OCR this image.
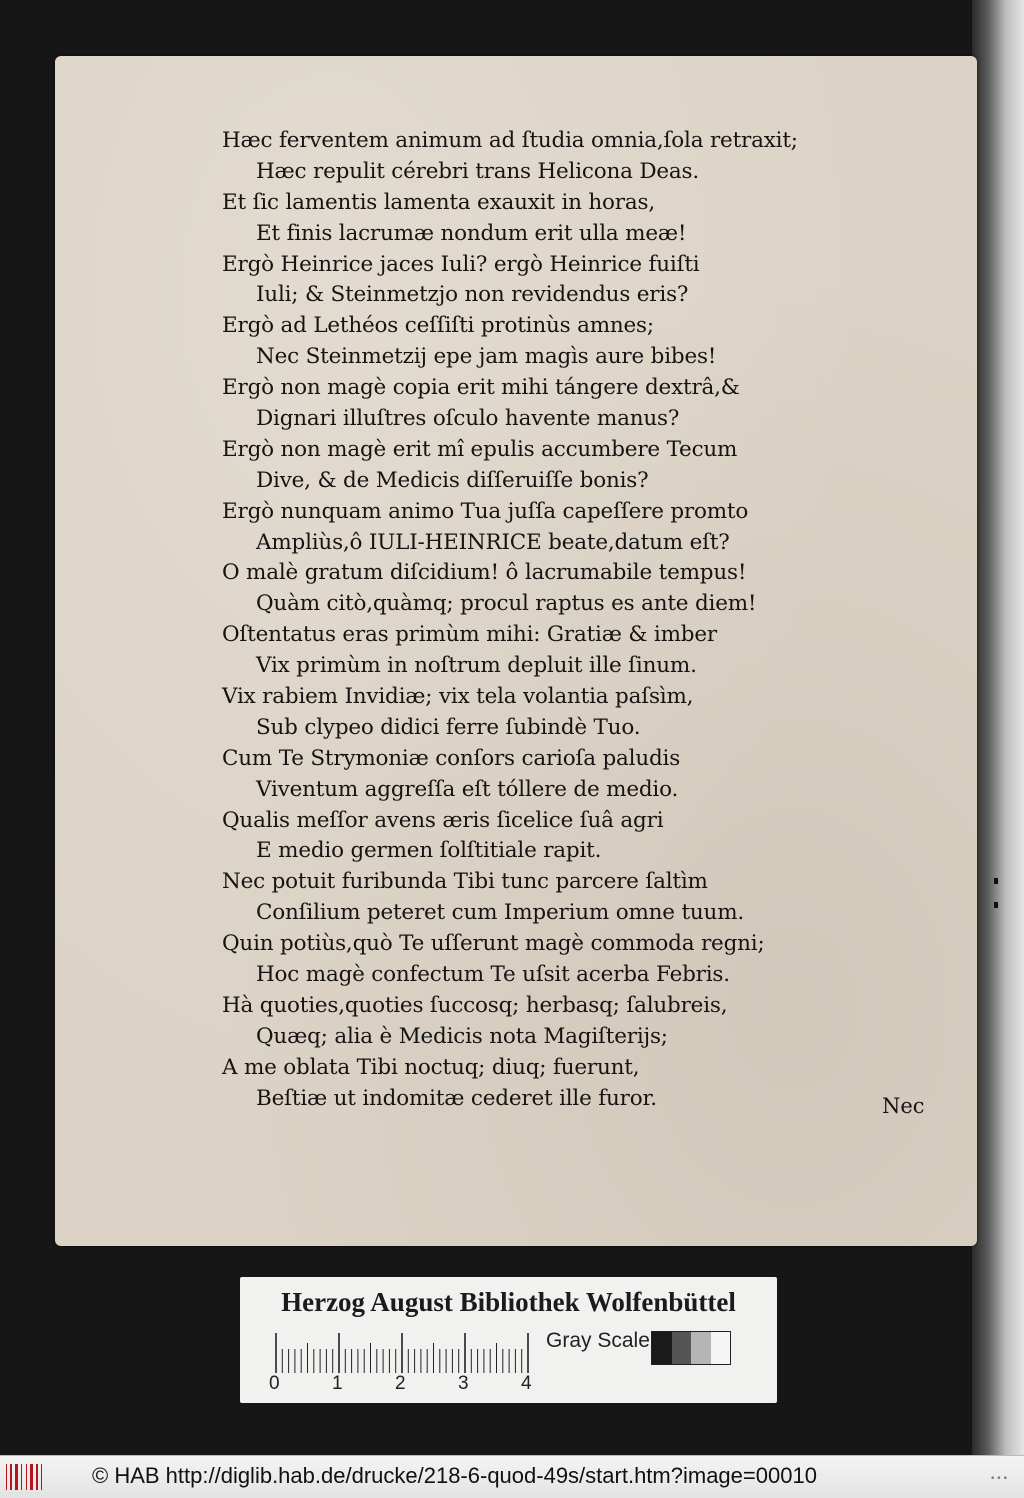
Hæc ferventem animum ad ſtudia omnia,ſola retraxit;
Hæc repulit cérebri trans Helicona Deas.
Et ſic lamentis lamenta exauxit in horas,
Et finis lacrumæ nondum erit ulla meæ!
Ergò Heinrice jaces Iuli? ergò Heinrice fuiſti
Iuli; & Steinmetzjo non revidendus eris?
Ergò ad Lethéos ceſſiſti protinùs amnes;
Nec Steinmetzij epe jam magìs aure bibes!
Ergò non magè copia erit mihi tángere dextrâ,&
Dignari illuſtres oſculo havente manus?
Ergò non magè erit mî epulis accumbere Tecum
Dive, & de Medicis diſſeruiſſe bonis?
Ergò nunquam animo Tua juſſa capeſſere promto
Ampliùs,ô IULI-HEINRICE beate,datum eſt?
O malè gratum diſcidium! ô lacrumabile tempus!
Quàm citò,quàmq; procul raptus es ante diem!
Oſtentatus eras primùm mihi: Gratiæ & imber
Vix primùm in noſtrum depluit ille ſinum.
Vix rabiem Invidiæ; vix tela volantia paſsìm,
Sub clypeo didici ferre ſubindè Tuo.
Cum Te Strymoniæ conſors carioſa paludis
Viventum aggreſſa eſt tóllere de medio.
Qualis meſſor avens æris ſicelice ſuâ agri
E medio germen ſolſtitiale rapit.
Nec potuit furibunda Tibi tunc parcere ſaltìm
Conſilium peteret cum Imperium omne tuum.
Quin potiùs,quò Te uſſerunt magè commoda regni;
Hoc magè confectum Te uſsit acerba Febris.
Hà quoties,quoties ſuccosq; herbasq; ſalubreis,
Quæq; alia è Medicis nota Magiſterijs;
A me oblata Tibi noctuq; diuq; fuerunt,
Beſtiæ ut indomitæ cederet ille furor.	Nec
Herzog August Bibliothek Wolfenbüttel
0	1	2	3	4
Gray Scale
© HAB http://diglib.hab.de/drucke/218-6-quod-49s/start.htm?image=00010	•••
